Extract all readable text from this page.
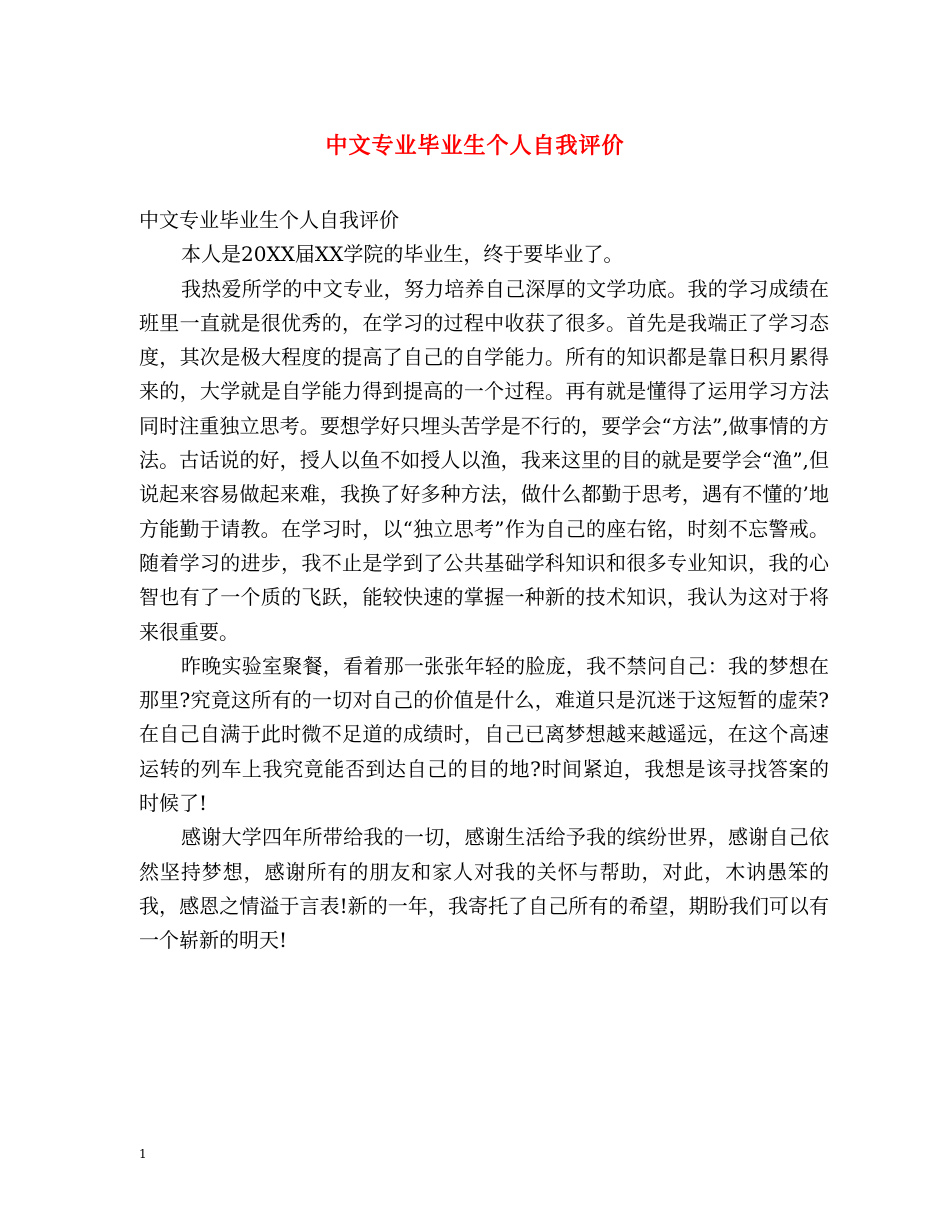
中文专业毕业生个人自我评价

中文专业毕业生个人自我评价

本人是20XX届XX学院的毕业生，终于要毕业了。

我热爱所学的中文专业，努力培养自己深厚的文学功底。我的学习成绩在班里一直就是很优秀的，在学习的过程中收获了很多。首先是我端正了学习态度，其次是极大程度的提高了自己的自学能力。所有的知识都是靠日积月累得来的，大学就是自学能力得到提高的一个过程。再有就是懂得了运用学习方法同时注重独立思考。要想学好只埋头苦学是不行的，要学会“方法”,做事情的方法。古话说的好，授人以鱼不如授人以渔，我来这里的目的就是要学会“渔”,但说起来容易做起来难，我换了好多种方法，做什么都勤于思考，遇有不懂的’地方能勤于请教。在学习时，以“独立思考”作为自己的座右铭，时刻不忘警戒。随着学习的进步，我不止是学到了公共基础学科知识和很多专业知识，我的心智也有了一个质的飞跃，能较快速的掌握一种新的技术知识，我认为这对于将来很重要。

昨晚实验室聚餐，看着那一张张年轻的脸庞，我不禁问自己：我的梦想在那里?究竟这所有的一切对自己的价值是什么，难道只是沉迷于这短暂的虚荣?在自己自满于此时微不足道的成绩时，自己已离梦想越来越遥远，在这个高速运转的列车上我究竟能否到达自己的目的地?时间紧迫，我想是该寻找答案的时候了!

感谢大学四年所带给我的一切，感谢生活给予我的缤纷世界，感谢自己依然坚持梦想，感谢所有的朋友和家人对我的关怀与帮助，对此，木讷愚笨的我，感恩之情溢于言表!新的一年，我寄托了自己所有的希望，期盼我们可以有一个崭新的明天!

1
